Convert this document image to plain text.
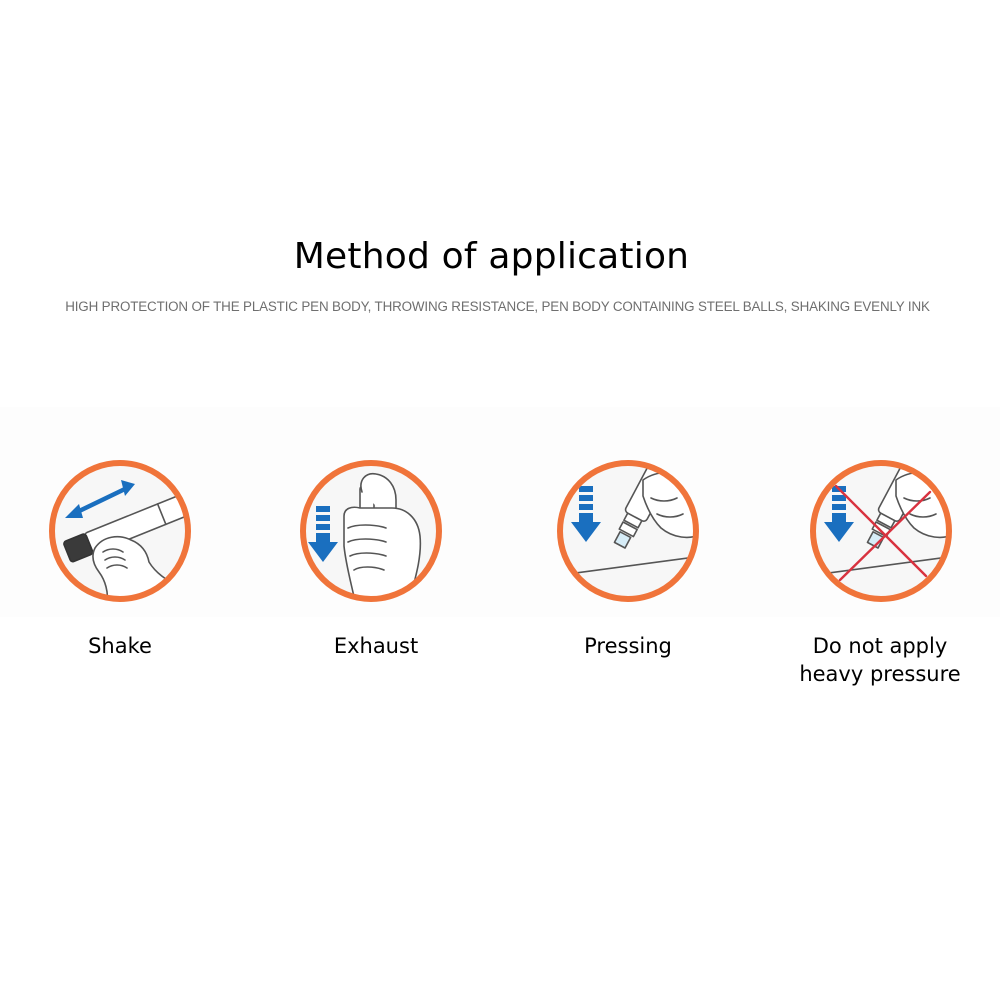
Method of application
HIGH PROTECTION OF THE PLASTIC PEN BODY, THROWING RESISTANCE, PEN BODY CONTAINING STEEL BALLS, SHAKING EVENLY INK
Shake	Exhaust	Pressing	Do not apply
heavy pressure
